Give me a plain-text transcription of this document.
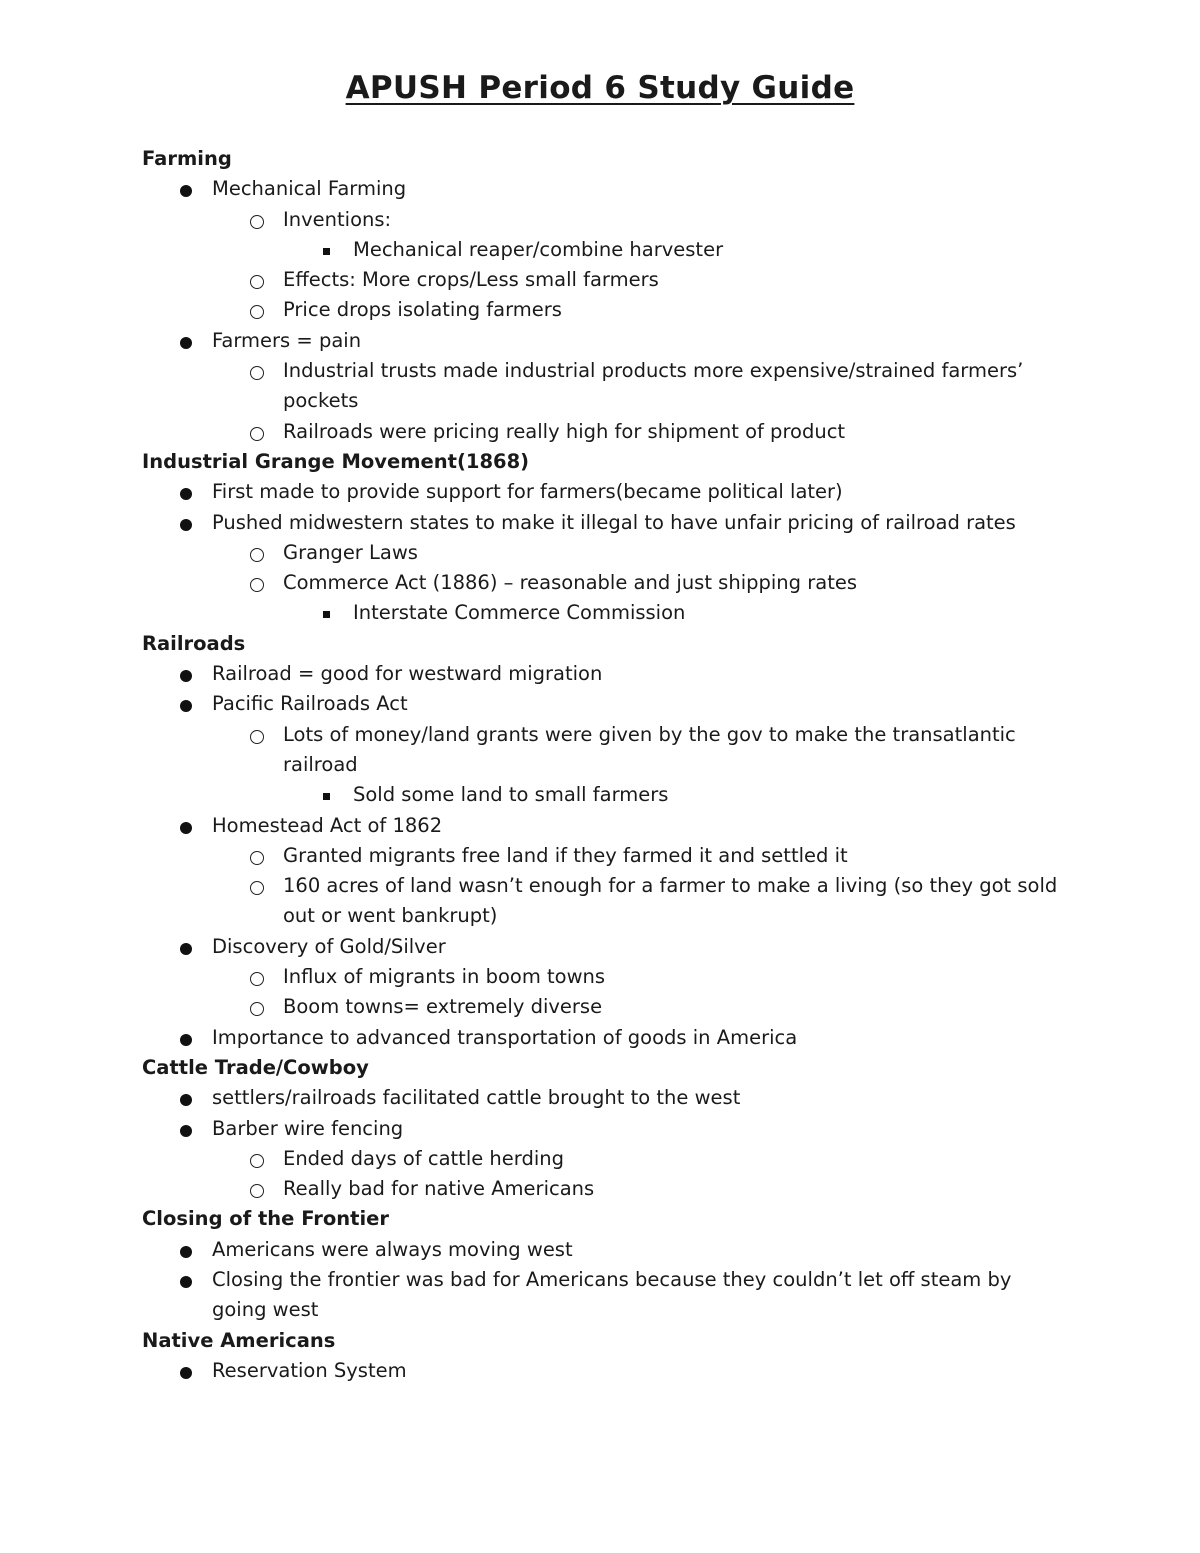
APUSH Period 6 Study Guide
Farming
Mechanical Farming
Inventions:
Mechanical reaper/combine harvester
Effects: More crops/Less small farmers
Price drops isolating farmers
Farmers = pain
Industrial trusts made industrial products more expensive/strained farmers’ pockets
Railroads were pricing really high for shipment of product
Industrial Grange Movement(1868)
First made to provide support for farmers(became political later)
Pushed midwestern states to make it illegal to have unfair pricing of railroad rates
Granger Laws
Commerce Act (1886) – reasonable and just shipping rates
Interstate Commerce Commission
Railroads
Railroad = good for westward migration
Pacific Railroads Act
Lots of money/land grants were given by the gov to make the transatlantic railroad
Sold some land to small farmers
Homestead Act of 1862
Granted migrants free land if they farmed it and settled it
160 acres of land wasn’t enough for a farmer to make a living (so they got sold out or went bankrupt)
Discovery of Gold/Silver
Influx of migrants in boom towns
Boom towns= extremely diverse
Importance to advanced transportation of goods in America
Cattle Trade/Cowboy
settlers/railroads facilitated cattle brought to the west
Barber wire fencing
Ended days of cattle herding
Really bad for native Americans
Closing of the Frontier
Americans were always moving west
Closing the frontier was bad for Americans because they couldn’t let off steam by going west
Native Americans
Reservation System
